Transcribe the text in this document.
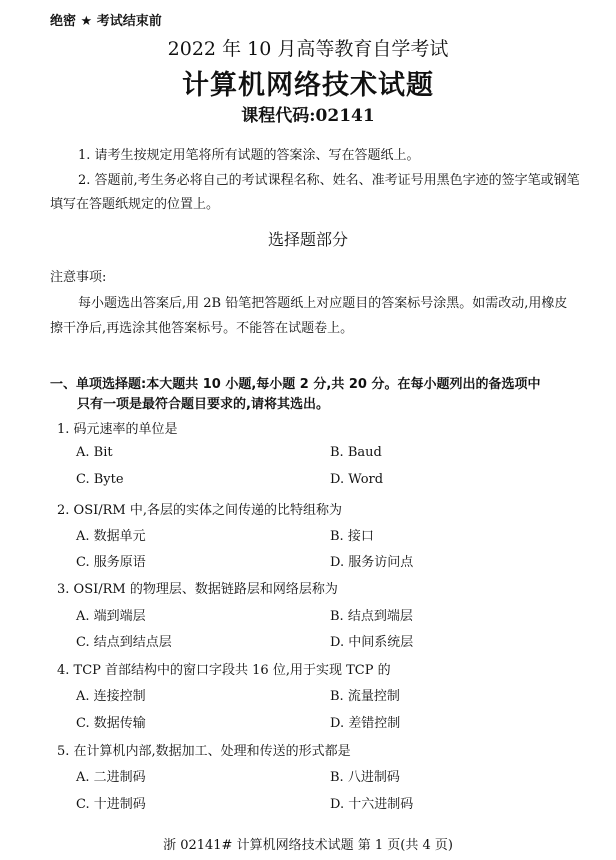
绝密 ★ 考试结束前
2022 年 10 月高等教育自学考试
计算机网络技术试题
课程代码:02141
1. 请考生按规定用笔将所有试题的答案涂、写在答题纸上。
2. 答题前,考生务必将自己的考试课程名称、姓名、准考证号用黑色字迹的签字笔或钢笔
填写在答题纸规定的位置上。
选择题部分
注意事项:
每小题选出答案后,用 2B 铅笔把答题纸上对应题目的答案标号涂黑。如需改动,用橡皮
擦干净后,再选涂其他答案标号。不能答在试题卷上。
一、单项选择题:本大题共 10 小题,每小题 2 分,共 20 分。在每小题列出的备选项中
只有一项是最符合题目要求的,请将其选出。
1. 码元速率的单位是
A. Bit	B. Baud
C. Byte	D. Word
2. OSI/RM 中,各层的实体之间传递的比特组称为
A. 数据单元	B. 接口
C. 服务原语	D. 服务访问点
3. OSI/RM 的物理层、数据链路层和网络层称为
A. 端到端层	B. 结点到端层
C. 结点到结点层	D. 中间系统层
4. TCP 首部结构中的窗口字段共 16 位,用于实现 TCP 的
A. 连接控制	B. 流量控制
C. 数据传输	D. 差错控制
5. 在计算机内部,数据加工、处理和传送的形式都是
A. 二进制码	B. 八进制码
C. 十进制码	D. 十六进制码
浙 02141# 计算机网络技术试题 第 1 页(共 4 页)
